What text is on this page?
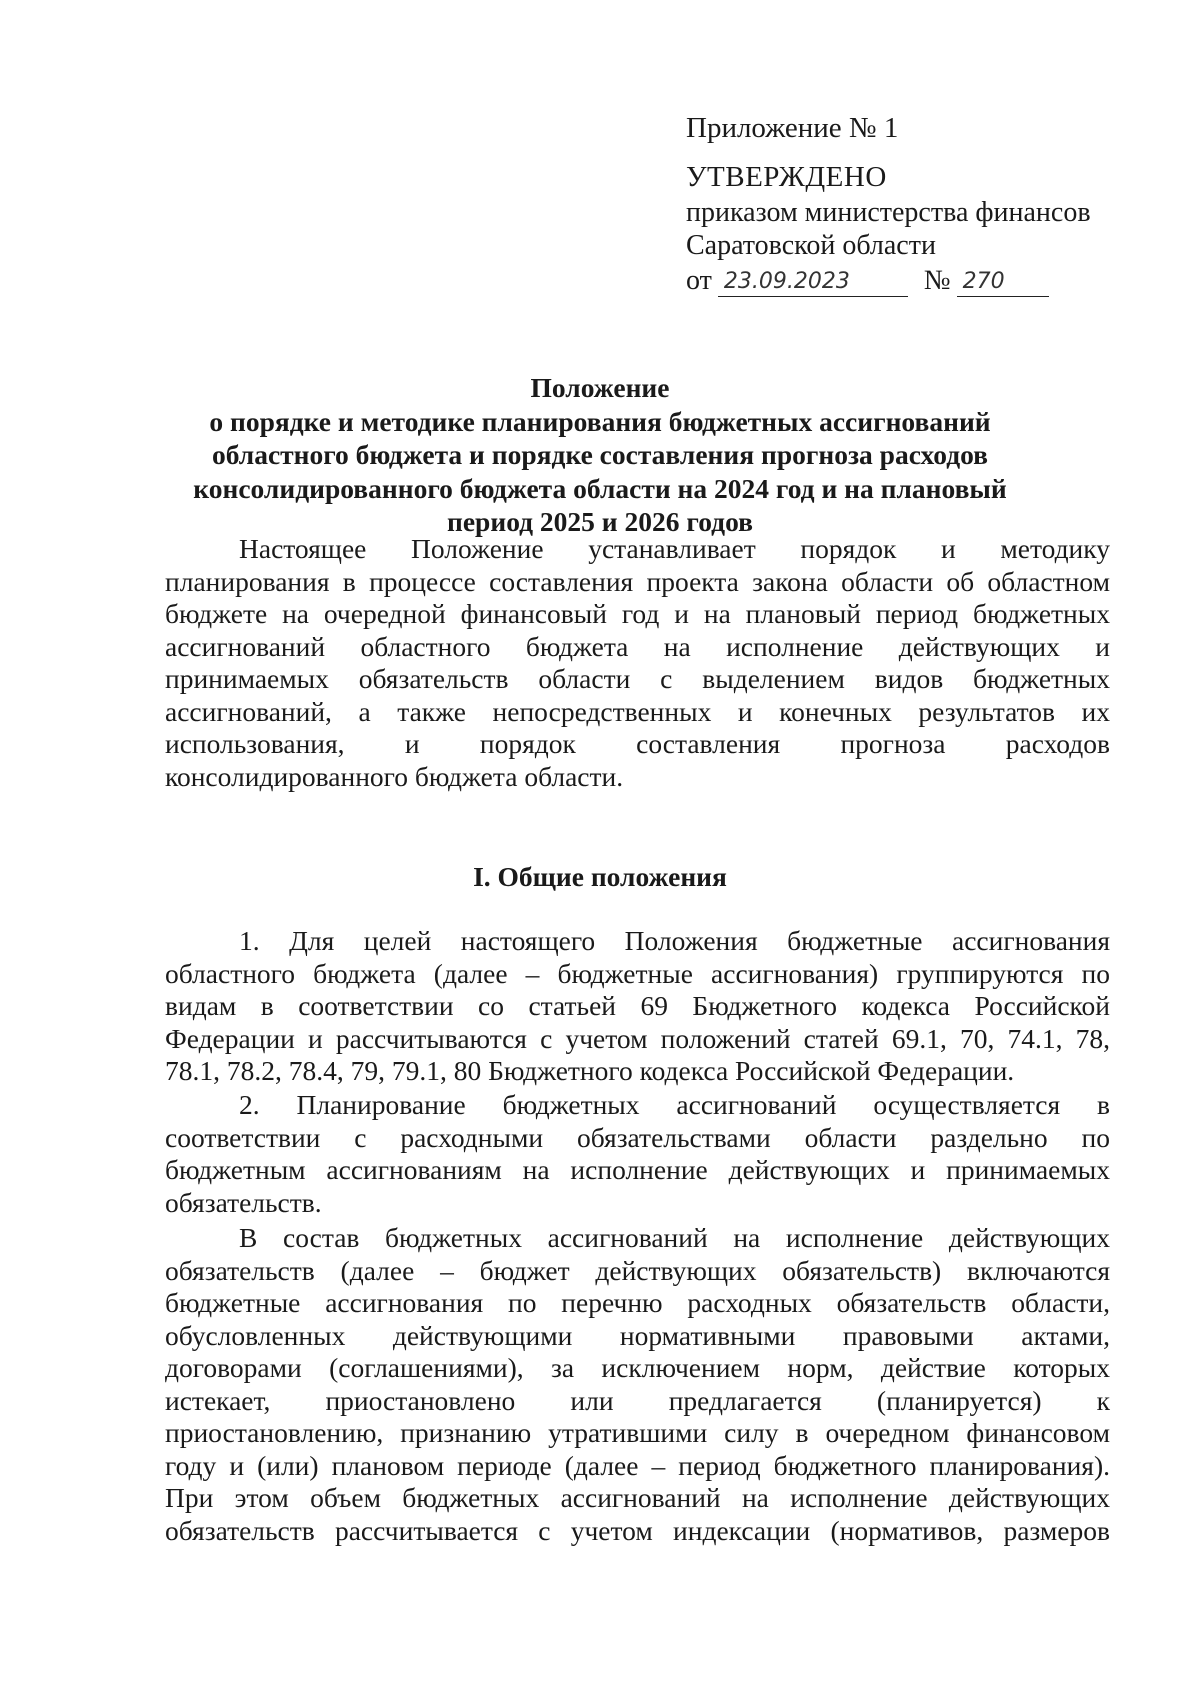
Приложение № 1
УТВЕРЖДЕНО
приказом министерства финансов
Саратовской области
от 23.09.2023	№ 270
Положение
о порядке и методике планирования бюджетных ассигнований
областного бюджета и порядке составления прогноза расходов
консолидированного бюджета области на 2024 год и на плановый
период 2025 и 2026 годов
Настоящее Положение устанавливает порядок и методику
планирования в процессе составления проекта закона области об областном
бюджете на очередной финансовый год и на плановый период бюджетных
ассигнований областного бюджета на исполнение действующих и
принимаемых обязательств области с выделением видов бюджетных
ассигнований, а также непосредственных и конечных результатов их
использования, и порядок составления прогноза расходов
консолидированного бюджета области.
I. Общие положения
1. Для целей настоящего Положения бюджетные ассигнования
областного бюджета (далее – бюджетные ассигнования) группируются по
видам в соответствии со статьей 69 Бюджетного кодекса Российской
Федерации и рассчитываются с учетом положений статей 69.1, 70, 74.1, 78,
78.1, 78.2, 78.4, 79, 79.1, 80 Бюджетного кодекса Российской Федерации.
2. Планирование бюджетных ассигнований осуществляется в
соответствии с расходными обязательствами области раздельно по
бюджетным ассигнованиям на исполнение действующих и принимаемых
обязательств.
В состав бюджетных ассигнований на исполнение действующих
обязательств (далее – бюджет действующих обязательств) включаются
бюджетные ассигнования по перечню расходных обязательств области,
обусловленных действующими нормативными правовыми актами,
договорами (соглашениями), за исключением норм, действие которых
истекает, приостановлено или предлагается (планируется) к
приостановлению, признанию утратившими силу в очередном финансовом
году и (или) плановом периоде (далее – период бюджетного планирования).
При этом объем бюджетных ассигнований на исполнение действующих
обязательств рассчитывается с учетом индексации (нормативов, размеров
